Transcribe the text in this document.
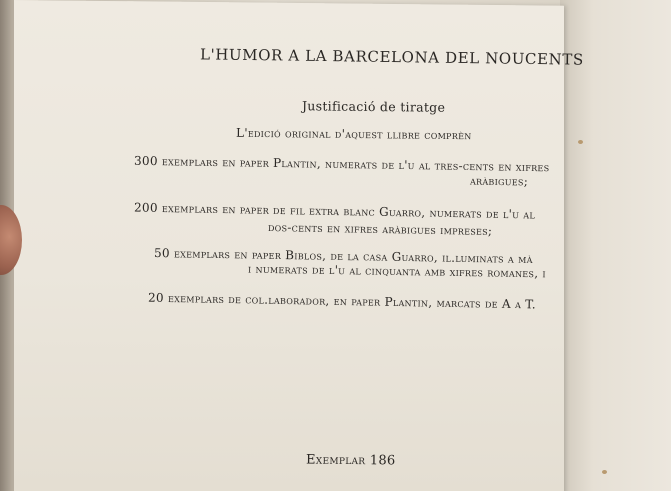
L'HUMOR A LA BARCELONA DEL NOUCENTS
Justificació de tiratge
L'edició original d'aquest llibre comprèn
300 exemplars en paper Plantin, numerats de l'u al tres-cents en xifres
aràbigues;
200 exemplars en paper de fil extra blanc Guarro, numerats de l'u al
dos-cents en xifres aràbigues impreses;
50 exemplars en paper Biblos, de la casa Guarro, il.luminats a mà
i numerats de l'u al cinquanta amb xifres romanes, i
20 exemplars de col.laborador, en paper Plantin, marcats de A a T.
Exemplar 186
